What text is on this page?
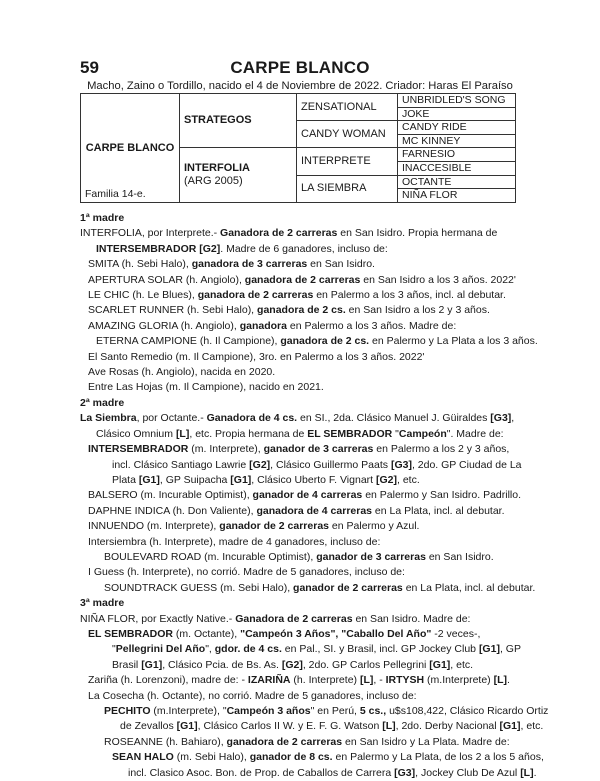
59	CARPE BLANCO
Macho, Zaino o Tordillo, nacido el 4 de Noviembre de 2022. Criador: Haras El Paraíso
CARPE BLANCO
Familia 14-e.	STRATEGOS	ZENSATIONAL	UNBRIDLED'S SONG
			JOKE
		CANDY WOMAN	CANDY RIDE
			MC KINNEY

	INTERFOLIA
(ARG 2005)	INTERPRETE	FARNESIO
			INACCESIBLE
		LA SIEMBRA	OCTANTE
			NIÑA FLOR
1ª madre
INTERFOLIA, por Interprete.- Ganadora de 2 carreras en San Isidro. Propia hermana de
INTERSEMBRADOR [G2]. Madre de 6 ganadores, incluso de:
SMITA (h. Sebi Halo), ganadora de 3 carreras en San Isidro.
APERTURA SOLAR (h. Angiolo), ganadora de 2 carreras en San Isidro a los 3 años. 2022'
LE CHIC (h. Le Blues), ganadora de 2 carreras en Palermo a los 3 años, incl. al debutar.
SCARLET RUNNER (h. Sebi Halo), ganadora de 2 cs. en San Isidro a los 2 y 3 años.
AMAZING GLORIA (h. Angiolo), ganadora en Palermo a los 3 años. Madre de:
ETERNA CAMPIONE (h. Il Campione), ganadora de 2 cs. en Palermo y La Plata a los 3 años.
El Santo Remedio (m. Il Campione), 3ro. en Palermo a los 3 años. 2022'
Ave Rosas (h. Angiolo), nacida en 2020.
Entre Las Hojas (m. Il Campione), nacido en 2021.
2ª madre
La Siembra, por Octante.- Ganadora de 4 cs. en SI., 2da. Clásico Manuel J. Güiraldes [G3],
Clásico Omnium [L], etc. Propia hermana de EL SEMBRADOR "Campeón". Madre de:
INTERSEMBRADOR (m. Interprete), ganador de 3 carreras en Palermo a los 2 y 3 años,
incl. Clásico Santiago Lawrie [G2], Clásico Guillermo Paats [G3], 2do. GP Ciudad de La
Plata [G1], GP Suipacha [G1], Clásico Uberto F. Vignart [G2], etc.
BALSERO (m. Incurable Optimist), ganador de 4 carreras en Palermo y San Isidro. Padrillo.
DAPHNE INDICA (h. Don Valiente), ganadora de 4 carreras en La Plata, incl. al debutar.
INNUENDO (m. Interprete), ganador de 2 carreras en Palermo y Azul.
Intersiembra (h. Interprete), madre de 4 ganadores, incluso de:
BOULEVARD ROAD (m. Incurable Optimist), ganador de 3 carreras en San Isidro.
I Guess (h. Interprete), no corrió. Madre de 5 ganadores, incluso de:
SOUNDTRACK GUESS (m. Sebi Halo), ganador de 2 carreras en La Plata, incl. al debutar.
3ª madre
NIÑA FLOR, por Exactly Native.- Ganadora de 2 carreras en San Isidro. Madre de:
EL SEMBRADOR (m. Octante), "Campeón 3 Años", "Caballo Del Año" -2 veces-,
"Pellegrini Del Año", gdor. de 4 cs. en Pal., SI. y Brasil, incl. GP Jockey Club [G1], GP
Brasil [G1], Clásico Pcia. de Bs. As. [G2], 2do. GP Carlos Pellegrini [G1], etc.
Zariña (h. Lorenzoni), madre de: - IZARIÑA (h. Interprete) [L], - IRTYSH (m.Interprete) [L].
La Cosecha (h. Octante), no corrió. Madre de 5 ganadores, incluso de:
PECHITO (m.Interprete), "Campeón 3 años" en Perú, 5 cs., u$s108,422, Clásico Ricardo Ortiz
de Zevallos [G1], Clásico Carlos II W. y E. F. G. Watson [L], 2do. Derby Nacional [G1], etc.
ROSEANNE (h. Bahiaro), ganadora de 2 carreras en San Isidro y La Plata. Madre de:
SEAN HALO (m. Sebi Halo), ganador de 8 cs. en Palermo y La Plata, de los 2 a los 5 años,
incl. Clasico Asoc. Bon. de Prop. de Caballos de Carrera [G3], Jockey Club De Azul [L].
